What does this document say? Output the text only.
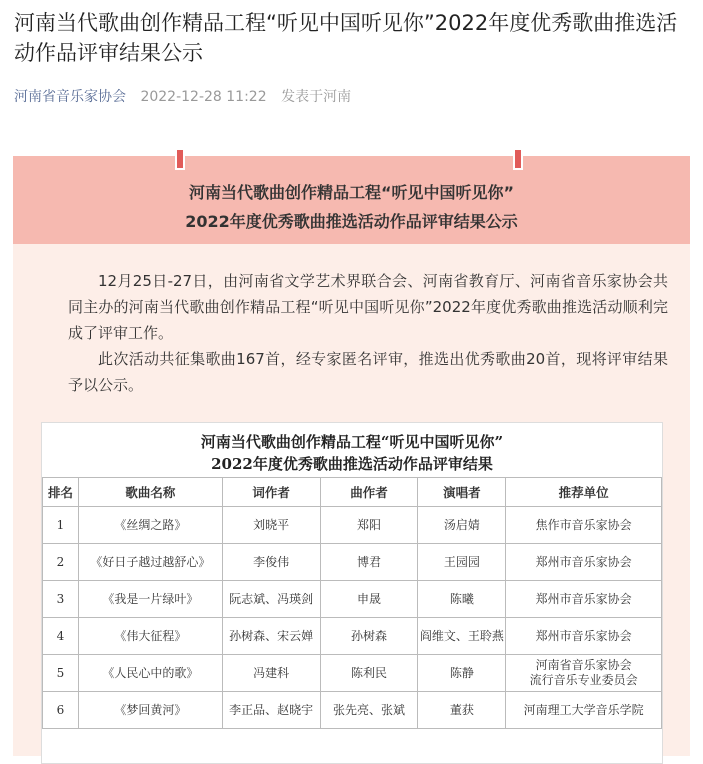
河南当代歌曲创作精品工程“听见中国听见你”2022年度优秀歌曲推选活动作品评审结果公示
河南省音乐家协会 2022-12-28 11:22 发表于河南
河南当代歌曲创作精品工程“听见中国听见你”
2022年度优秀歌曲推选活动作品评审结果公示

12月25日-27日，由河南省文学艺术界联合会、河南省教育厅、河南省音乐家协会共同主办的河南当代歌曲创作精品工程“听见中国听见你”2022年度优秀歌曲推选活动顺利完成了评审工作。

此次活动共征集歌曲167首，经专家匿名评审，推选出优秀歌曲20首，现将评审结果予以公示。

河南当代歌曲创作精品工程“听见中国听见你”
2022年度优秀歌曲推选活动作品评审结果
排名	歌曲名称	词作者	曲作者	演唱者	推荐单位
1	《丝绸之路》	刘晓平	郑阳	汤启婧	焦作市音乐家协会

2	《好日子越过越舒心》	李俊伟	博君	王园园	郑州市音乐家协会

3	《我是一片绿叶》	阮志斌、冯瑛剑	申晟	陈曦	郑州市音乐家协会

4	《伟大征程》	孙树森、宋云婵	孙树森	阎维文、王聆燕	郑州市音乐家协会

5	《人民心中的歌》	冯建科	陈利民	陈静	河南省音乐家协会
流行音乐专业委员会

6	《梦回黄河》	李正品、赵晓宇	张先亮、张斌	董获	河南理工大学音乐学院
